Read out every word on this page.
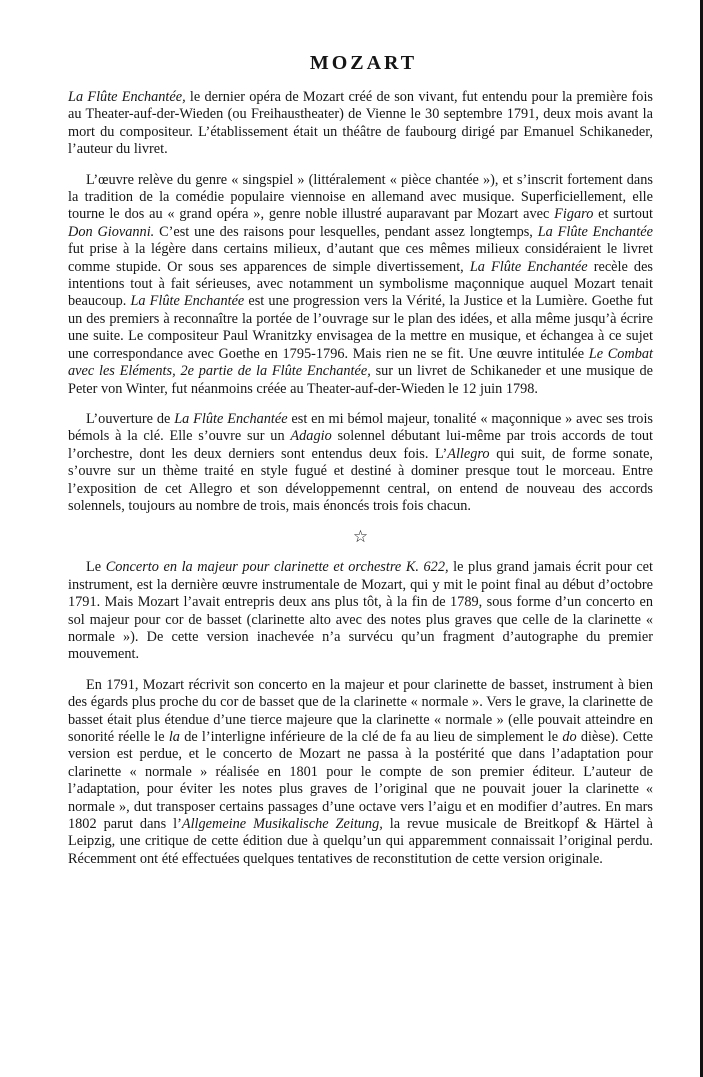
MOZART

La Flûte Enchantée, le dernier opéra de Mozart créé de son vivant, fut entendu pour la première fois au Theater-auf-der-Wieden (ou Freihaustheater) de Vienne le 30 septembre 1791, deux mois avant la mort du compositeur. L’établissement était un théâtre de faubourg dirigé par Emanuel Schikaneder, l’auteur du livret.

L’œuvre relève du genre « singspiel » (littéralement « pièce chantée »), et s’inscrit fortement dans la tradition de la comédie populaire viennoise en allemand avec musique. Superficiellement, elle tourne le dos au « grand opéra », genre noble illustré auparavant par Mozart avec Figaro et surtout Don Giovanni. C’est une des raisons pour lesquelles, pendant assez longtemps, La Flûte Enchantée fut prise à la légère dans certains milieux, d’autant que ces mêmes milieux considéraient le livret comme stupide. Or sous ses apparences de simple divertissement, La Flûte Enchantée recèle des intentions tout à fait sérieuses, avec notamment un symbolisme maçonnique auquel Mozart tenait beaucoup. La Flûte Enchantée est une progression vers la Vérité, la Justice et la Lumière. Goethe fut un des premiers à reconnaître la portée de l’ouvrage sur le plan des idées, et alla même jusqu’à écrire une suite. Le compositeur Paul Wranitzky envisagea de la mettre en musique, et échangea à ce sujet une correspondance avec Goethe en 1795-1796. Mais rien ne se fit. Une œuvre intitulée Le Combat avec les Eléments, 2e partie de la Flûte Enchantée, sur un livret de Schikaneder et une musique de Peter von Winter, fut néanmoins créée au Theater-auf-der-Wieden le 12 juin 1798.

L’ouverture de La Flûte Enchantée est en mi bémol majeur, tonalité « maçonnique » avec ses trois bémols à la clé. Elle s’ouvre sur un Adagio solennel débutant lui-même par trois accords de tout l’orchestre, dont les deux derniers sont entendus deux fois. L’Allegro qui suit, de forme sonate, s’ouvre sur un thème traité en style fugué et destiné à dominer presque tout le morceau. Entre l’exposition de cet Allegro et son développemennt central, on entend de nouveau des accords solennels, toujours au nombre de trois, mais énoncés trois fois chacun.

☆

Le Concerto en la majeur pour clarinette et orchestre K. 622, le plus grand jamais écrit pour cet instrument, est la dernière œuvre instrumentale de Mozart, qui y mit le point final au début d’octobre 1791. Mais Mozart l’avait entrepris deux ans plus tôt, à la fin de 1789, sous forme d’un concerto en sol majeur pour cor de basset (clarinette alto avec des notes plus graves que celle de la clarinette « normale »). De cette version inachevée n’a survécu qu’un fragment d’autographe du premier mouvement.

En 1791, Mozart récrivit son concerto en la majeur et pour clarinette de basset, instrument à bien des égards plus proche du cor de basset que de la clarinette « normale ». Vers le grave, la clarinette de basset était plus étendue d’une tierce majeure que la clarinette « normale » (elle pouvait atteindre en sonorité réelle le la de l’interligne inférieure de la clé de fa au lieu de simplement le do dièse). Cette version est perdue, et le concerto de Mozart ne passa à la postérité que dans l’adaptation pour clarinette « normale » réalisée en 1801 pour le compte de son premier éditeur. L’auteur de l’adaptation, pour éviter les notes plus graves de l’original que ne pouvait jouer la clarinette « normale », dut transposer certains passages d’une octave vers l’aigu et en modifier d’autres. En mars 1802 parut dans l’Allgemeine Musikalische Zeitung, la revue musicale de Breitkopf & Härtel à Leipzig, une critique de cette édition due à quelqu’un qui apparemment connaissait l’original perdu. Récemment ont été effectuées quelques tentatives de reconstitution de cette version originale.
